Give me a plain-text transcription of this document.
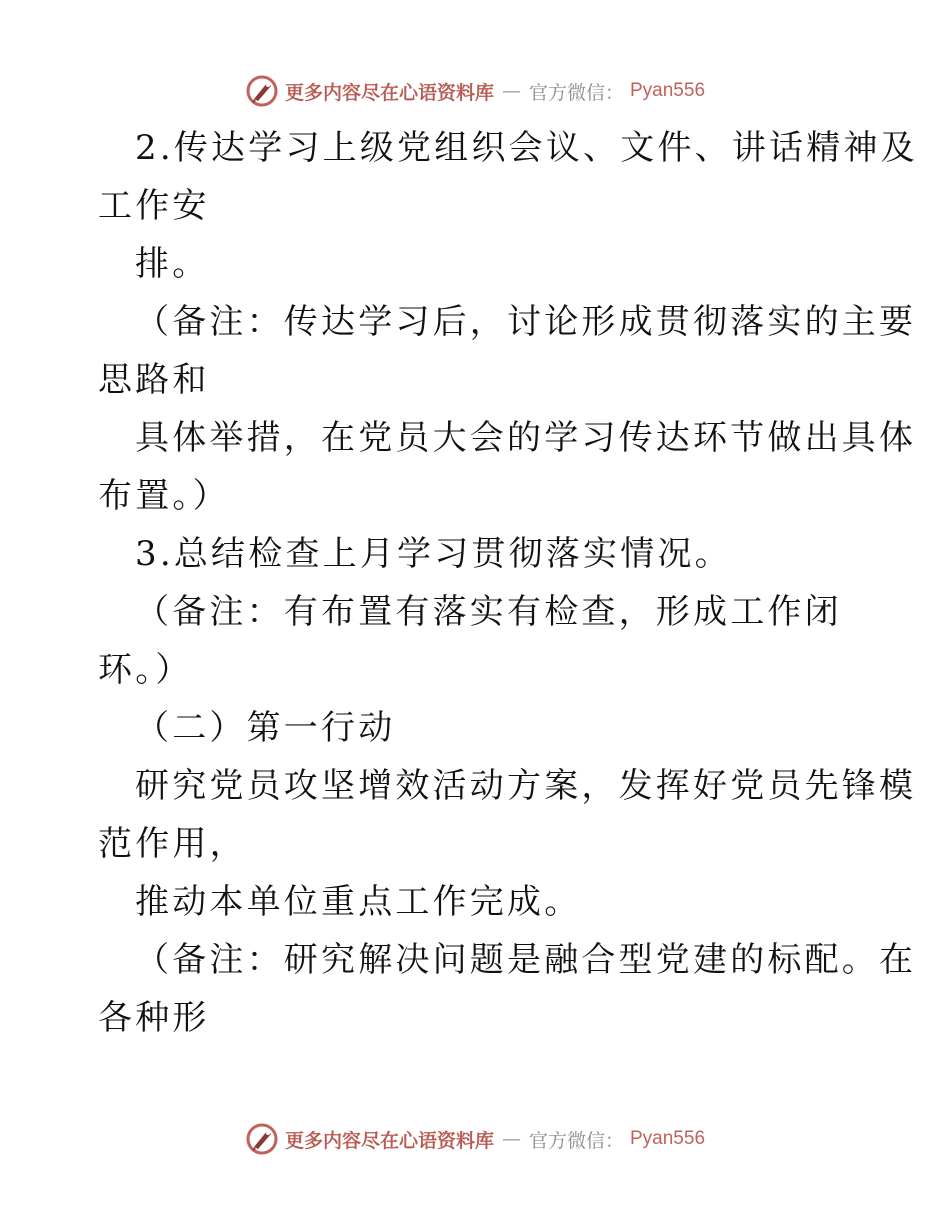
更多内容尽在心语资料库 — 官方微信： Pyan556

2.传达学习上级党组织会议、文件、讲话精神及

工作安

排。

（备注：传达学习后，讨论形成贯彻落实的主要

思路和

具体举措，在党员大会的学习传达环节做出具体

布置。）

3.总结检查上月学习贯彻落实情况。

（备注：有布置有落实有检查，形成工作闭

环。）

（二）第一行动

研究党员攻坚增效活动方案，发挥好党员先锋模

范作用，

推动本单位重点工作完成。

（备注：研究解决问题是融合型党建的标配。在

各种形

更多内容尽在心语资料库 — 官方微信： Pyan556
